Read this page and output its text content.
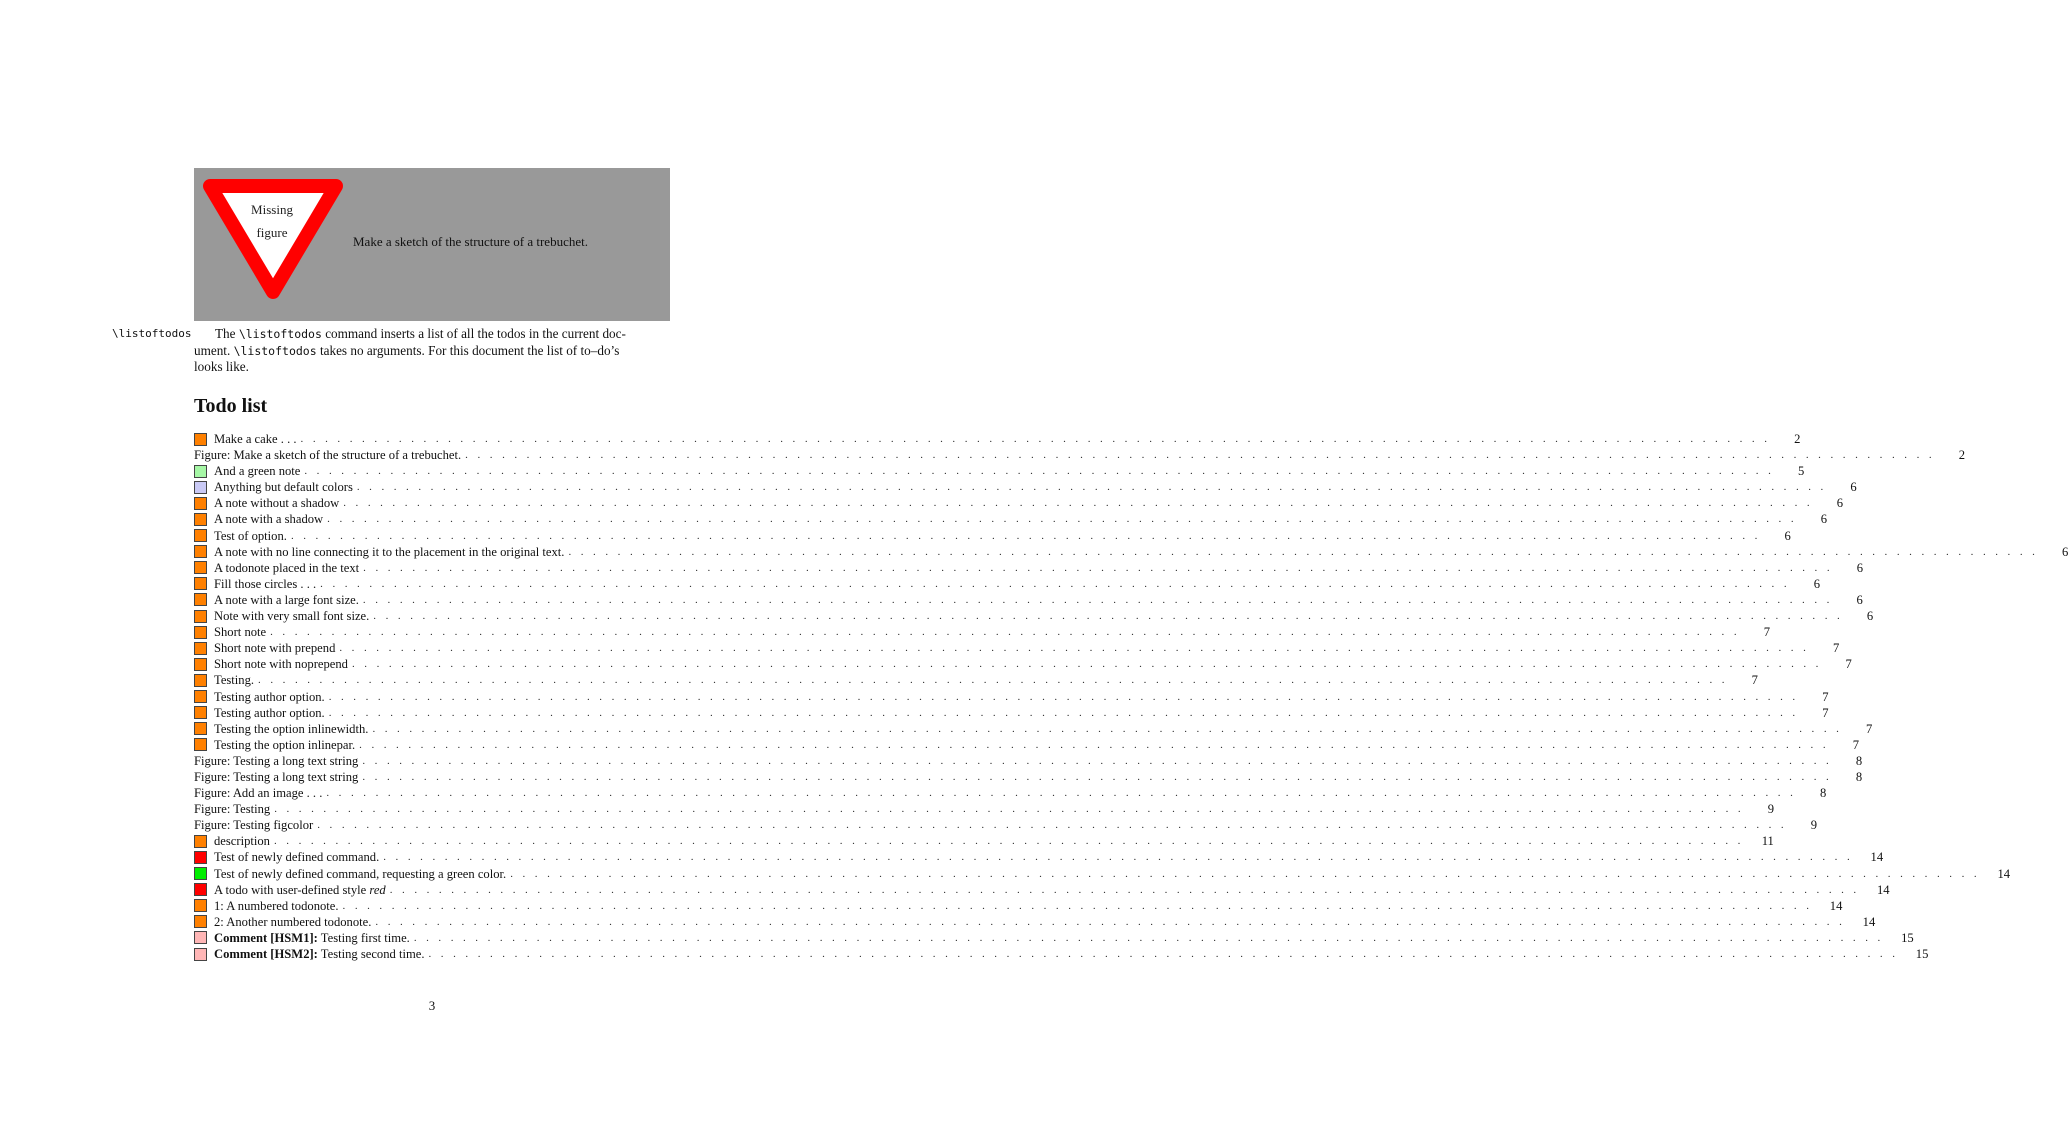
Missing
figure
Make a sketch of the structure of a trebuchet.
\listoftodos	The \listoftodos command inserts a list of all the todos in the current doc-
ument. \listoftodos takes no arguments. For this document the list of to–do’s
looks like.
Todo list
Make a cake . . . . . . . . . . . . . . . . . . . . . . . . . . . . . . . . . . . . . . . . . . . . . . . . . . . . . . . . . . . . . . . . . . . . . . . . . . . . . . . . . . . . . . . . . . . . . . . . . . . . . . . . . . . . . . . . . . . . . . . . . . .	2
Figure: Make a sketch of the structure of a trebuchet. . . . . . . . . . . . . . . . . . . . . . . . . . . . . . . . . . . . . . . . . . . . . . . . . . . . . . . . . . . . . . . . . . . . . . . . . . . . . . . . . . . . . . . . . . . . . . . . . . . . . . . . . . . . . . . . . . . . . . . . .	2
And a green note . . . . . . . . . . . . . . . . . . . . . . . . . . . . . . . . . . . . . . . . . . . . . . . . . . . . . . . . . . . . . . . . . . . . . . . . . . . . . . . . . . . . . . . . . . . . . . . . . . . . . . . . . . . . . . . . . . . . . . . .	5
Anything but default colors . . . . . . . . . . . . . . . . . . . . . . . . . . . . . . . . . . . . . . . . . . . . . . . . . . . . . . . . . . . . . . . . . . . . . . . . . . . . . . . . . . . . . . . . . . . . . . . . . . . . . . . . . . . . . . . . . . . . . . . .	6
A note without a shadow . . . . . . . . . . . . . . . . . . . . . . . . . . . . . . . . . . . . . . . . . . . . . . . . . . . . . . . . . . . . . . . . . . . . . . . . . . . . . . . . . . . . . . . . . . . . . . . . . . . . . . . . . . . . . . . . . . . . . . . .	6
A note with a shadow . . . . . . . . . . . . . . . . . . . . . . . . . . . . . . . . . . . . . . . . . . . . . . . . . . . . . . . . . . . . . . . . . . . . . . . . . . . . . . . . . . . . . . . . . . . . . . . . . . . . . . . . . . . . . . . . . . . . . . . .	6
Test of option. . . . . . . . . . . . . . . . . . . . . . . . . . . . . . . . . . . . . . . . . . . . . . . . . . . . . . . . . . . . . . . . . . . . . . . . . . . . . . . . . . . . . . . . . . . . . . . . . . . . . . . . . . . . . . . . . . . . . . . . .	6
A note with no line connecting it to the placement in the original text. . . . . . . . . . . . . . . . . . . . . . . . . . . . . . . . . . . . . . . . . . . . . . . . . . . . . . . . . . . . . . . . . . . . . . . . . . . . . . . . . . . . . . . . . . . . . . . . . . . . . . . . . . . . . . . . . . . . . . . . .	6
A todonote placed in the text . . . . . . . . . . . . . . . . . . . . . . . . . . . . . . . . . . . . . . . . . . . . . . . . . . . . . . . . . . . . . . . . . . . . . . . . . . . . . . . . . . . . . . . . . . . . . . . . . . . . . . . . . . . . . . . . . . . . . . . .	6
Fill those circles . . . . . . . . . . . . . . . . . . . . . . . . . . . . . . . . . . . . . . . . . . . . . . . . . . . . . . . . . . . . . . . . . . . . . . . . . . . . . . . . . . . . . . . . . . . . . . . . . . . . . . . . . . . . . . . . . . . . . . . . . . .	6
A note with a large font size. . . . . . . . . . . . . . . . . . . . . . . . . . . . . . . . . . . . . . . . . . . . . . . . . . . . . . . . . . . . . . . . . . . . . . . . . . . . . . . . . . . . . . . . . . . . . . . . . . . . . . . . . . . . . . . . . . . . . . . . .	6
Note with very small font size. . . . . . . . . . . . . . . . . . . . . . . . . . . . . . . . . . . . . . . . . . . . . . . . . . . . . . . . . . . . . . . . . . . . . . . . . . . . . . . . . . . . . . . . . . . . . . . . . . . . . . . . . . . . . . . . . . . . . . . . .	6
Short note . . . . . . . . . . . . . . . . . . . . . . . . . . . . . . . . . . . . . . . . . . . . . . . . . . . . . . . . . . . . . . . . . . . . . . . . . . . . . . . . . . . . . . . . . . . . . . . . . . . . . . . . . . . . . . . . . . . . . . . .	7
Short note with prepend . . . . . . . . . . . . . . . . . . . . . . . . . . . . . . . . . . . . . . . . . . . . . . . . . . . . . . . . . . . . . . . . . . . . . . . . . . . . . . . . . . . . . . . . . . . . . . . . . . . . . . . . . . . . . . . . . . . . . . . .	7
Short note with noprepend . . . . . . . . . . . . . . . . . . . . . . . . . . . . . . . . . . . . . . . . . . . . . . . . . . . . . . . . . . . . . . . . . . . . . . . . . . . . . . . . . . . . . . . . . . . . . . . . . . . . . . . . . . . . . . . . . . . . . . . .	7
Testing. . . . . . . . . . . . . . . . . . . . . . . . . . . . . . . . . . . . . . . . . . . . . . . . . . . . . . . . . . . . . . . . . . . . . . . . . . . . . . . . . . . . . . . . . . . . . . . . . . . . . . . . . . . . . . . . . . . . . . . . .	7
Testing author option. . . . . . . . . . . . . . . . . . . . . . . . . . . . . . . . . . . . . . . . . . . . . . . . . . . . . . . . . . . . . . . . . . . . . . . . . . . . . . . . . . . . . . . . . . . . . . . . . . . . . . . . . . . . . . . . . . . . . . . . .	7
Testing author option. . . . . . . . . . . . . . . . . . . . . . . . . . . . . . . . . . . . . . . . . . . . . . . . . . . . . . . . . . . . . . . . . . . . . . . . . . . . . . . . . . . . . . . . . . . . . . . . . . . . . . . . . . . . . . . . . . . . . . . . .	7
Testing the option inlinewidth. . . . . . . . . . . . . . . . . . . . . . . . . . . . . . . . . . . . . . . . . . . . . . . . . . . . . . . . . . . . . . . . . . . . . . . . . . . . . . . . . . . . . . . . . . . . . . . . . . . . . . . . . . . . . . . . . . . . . . . . .	7
Testing the option inlinepar. . . . . . . . . . . . . . . . . . . . . . . . . . . . . . . . . . . . . . . . . . . . . . . . . . . . . . . . . . . . . . . . . . . . . . . . . . . . . . . . . . . . . . . . . . . . . . . . . . . . . . . . . . . . . . . . . . . . . . . . .	7
Figure: Testing a long text string . . . . . . . . . . . . . . . . . . . . . . . . . . . . . . . . . . . . . . . . . . . . . . . . . . . . . . . . . . . . . . . . . . . . . . . . . . . . . . . . . . . . . . . . . . . . . . . . . . . . . . . . . . . . . . . . . . . . . . . .	8
Figure: Testing a long text string . . . . . . . . . . . . . . . . . . . . . . . . . . . . . . . . . . . . . . . . . . . . . . . . . . . . . . . . . . . . . . . . . . . . . . . . . . . . . . . . . . . . . . . . . . . . . . . . . . . . . . . . . . . . . . . . . . . . . . . .	8
Figure: Add an image . . . . . . . . . . . . . . . . . . . . . . . . . . . . . . . . . . . . . . . . . . . . . . . . . . . . . . . . . . . . . . . . . . . . . . . . . . . . . . . . . . . . . . . . . . . . . . . . . . . . . . . . . . . . . . . . . . . . . . . . . . .	8
Figure: Testing . . . . . . . . . . . . . . . . . . . . . . . . . . . . . . . . . . . . . . . . . . . . . . . . . . . . . . . . . . . . . . . . . . . . . . . . . . . . . . . . . . . . . . . . . . . . . . . . . . . . . . . . . . . . . . . . . . . . . . . .	9
Figure: Testing figcolor . . . . . . . . . . . . . . . . . . . . . . . . . . . . . . . . . . . . . . . . . . . . . . . . . . . . . . . . . . . . . . . . . . . . . . . . . . . . . . . . . . . . . . . . . . . . . . . . . . . . . . . . . . . . . . . . . . . . . . . .	9
description . . . . . . . . . . . . . . . . . . . . . . . . . . . . . . . . . . . . . . . . . . . . . . . . . . . . . . . . . . . . . . . . . . . . . . . . . . . . . . . . . . . . . . . . . . . . . . . . . . . . . . . . . . . . . . . . . . . . . . . .	11
Test of newly defined command. . . . . . . . . . . . . . . . . . . . . . . . . . . . . . . . . . . . . . . . . . . . . . . . . . . . . . . . . . . . . . . . . . . . . . . . . . . . . . . . . . . . . . . . . . . . . . . . . . . . . . . . . . . . . . . . . . . . . . . . .	14
Test of newly defined command, requesting a green color. . . . . . . . . . . . . . . . . . . . . . . . . . . . . . . . . . . . . . . . . . . . . . . . . . . . . . . . . . . . . . . . . . . . . . . . . . . . . . . . . . . . . . . . . . . . . . . . . . . . . . . . . . . . . . . . . . . . . . . . .	14
A todo with user-defined style red . . . . . . . . . . . . . . . . . . . . . . . . . . . . . . . . . . . . . . . . . . . . . . . . . . . . . . . . . . . . . . . . . . . . . . . . . . . . . . . . . . . . . . . . . . . . . . . . . . . . . . . . . . . . . . . . . . . . . . . .	14
1: A numbered todonote. . . . . . . . . . . . . . . . . . . . . . . . . . . . . . . . . . . . . . . . . . . . . . . . . . . . . . . . . . . . . . . . . . . . . . . . . . . . . . . . . . . . . . . . . . . . . . . . . . . . . . . . . . . . . . . . . . . . . . . . .	14
2: Another numbered todonote. . . . . . . . . . . . . . . . . . . . . . . . . . . . . . . . . . . . . . . . . . . . . . . . . . . . . . . . . . . . . . . . . . . . . . . . . . . . . . . . . . . . . . . . . . . . . . . . . . . . . . . . . . . . . . . . . . . . . . . . .	14
Comment [HSM1]: Testing first time. . . . . . . . . . . . . . . . . . . . . . . . . . . . . . . . . . . . . . . . . . . . . . . . . . . . . . . . . . . . . . . . . . . . . . . . . . . . . . . . . . . . . . . . . . . . . . . . . . . . . . . . . . . . . . . . . . . . . . . . .	15
Comment [HSM2]: Testing second time. . . . . . . . . . . . . . . . . . . . . . . . . . . . . . . . . . . . . . . . . . . . . . . . . . . . . . . . . . . . . . . . . . . . . . . . . . . . . . . . . . . . . . . . . . . . . . . . . . . . . . . . . . . . . . . . . . . . . . . . .	15
3
